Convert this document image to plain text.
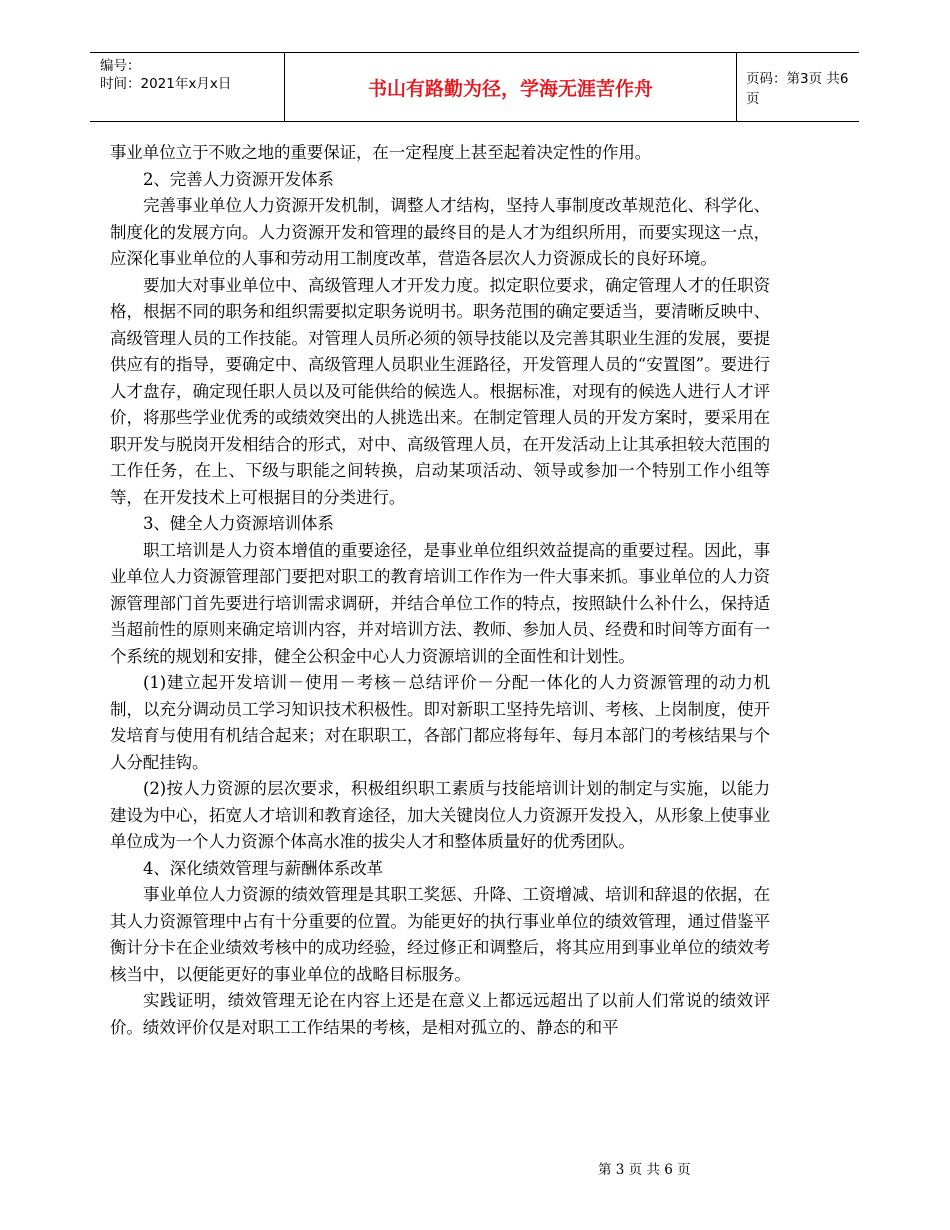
编号：
时间：2021年x月x日	书山有路勤为径，学海无涯苦作舟	页码：第3页 共6页

事业单位立于不败之地的重要保证，在一定程度上甚至起着决定性的作用。

2、完善人力资源开发体系

完善事业单位人力资源开发机制，调整人才结构，坚持人事制度改革规范化、科学化、制度化的发展方向。人力资源开发和管理的最终目的是人才为组织所用，而要实现这一点，应深化事业单位的人事和劳动用工制度改革，营造各层次人力资源成长的良好环境。

要加大对事业单位中、高级管理人才开发力度。拟定职位要求，确定管理人才的任职资格，根据不同的职务和组织需要拟定职务说明书。职务范围的确定要适当，要清晰反映中、高级管理人员的工作技能。对管理人员所必须的领导技能以及完善其职业生涯的发展，要提供应有的指导，要确定中、高级管理人员职业生涯路径，开发管理人员的“安置图”。要进行人才盘存，确定现任职人员以及可能供给的候选人。根据标准，对现有的候选人进行人才评价，将那些学业优秀的或绩效突出的人挑选出来。在制定管理人员的开发方案时，要采用在职开发与脱岗开发相结合的形式，对中、高级管理人员，在开发活动上让其承担较大范围的工作任务，在上、下级与职能之间转换，启动某项活动、领导或参加一个特别工作小组等等，在开发技术上可根据目的分类进行。

3、健全人力资源培训体系

职工培训是人力资本增值的重要途径，是事业单位组织效益提高的重要过程。因此，事业单位人力资源管理部门要把对职工的教育培训工作作为一件大事来抓。事业单位的人力资源管理部门首先要进行培训需求调研，并结合单位工作的特点，按照缺什么补什么，保持适当超前性的原则来确定培训内容，并对培训方法、教师、参加人员、经费和时间等方面有一个系统的规划和安排，健全公积金中心人力资源培训的全面性和计划性。

(1)建立起开发培训－使用－考核－总结评价－分配一体化的人力资源管理的动力机制，以充分调动员工学习知识技术积极性。即对新职工坚持先培训、考核、上岗制度，使开发培育与使用有机结合起来；对在职职工，各部门都应将每年、每月本部门的考核结果与个人分配挂钩。

(2)按人力资源的层次要求，积极组织职工素质与技能培训计划的制定与实施，以能力建设为中心，拓宽人才培训和教育途径，加大关键岗位人力资源开发投入，从形象上使事业单位成为一个人力资源个体高水准的拔尖人才和整体质量好的优秀团队。

4、深化绩效管理与薪酬体系改革

事业单位人力资源的绩效管理是其职工奖惩、升降、工资增减、培训和辞退的依据，在其人力资源管理中占有十分重要的位置。为能更好的执行事业单位的绩效管理，通过借鉴平衡计分卡在企业绩效考核中的成功经验，经过修正和调整后，将其应用到事业单位的绩效考核当中，以便能更好的事业单位的战略目标服务。

实践证明，绩效管理无论在内容上还是在意义上都远远超出了以前人们常说的绩效评价。绩效评价仅是对职工工作结果的考核，是相对孤立的、静态的和平

第 3 页 共 6 页
